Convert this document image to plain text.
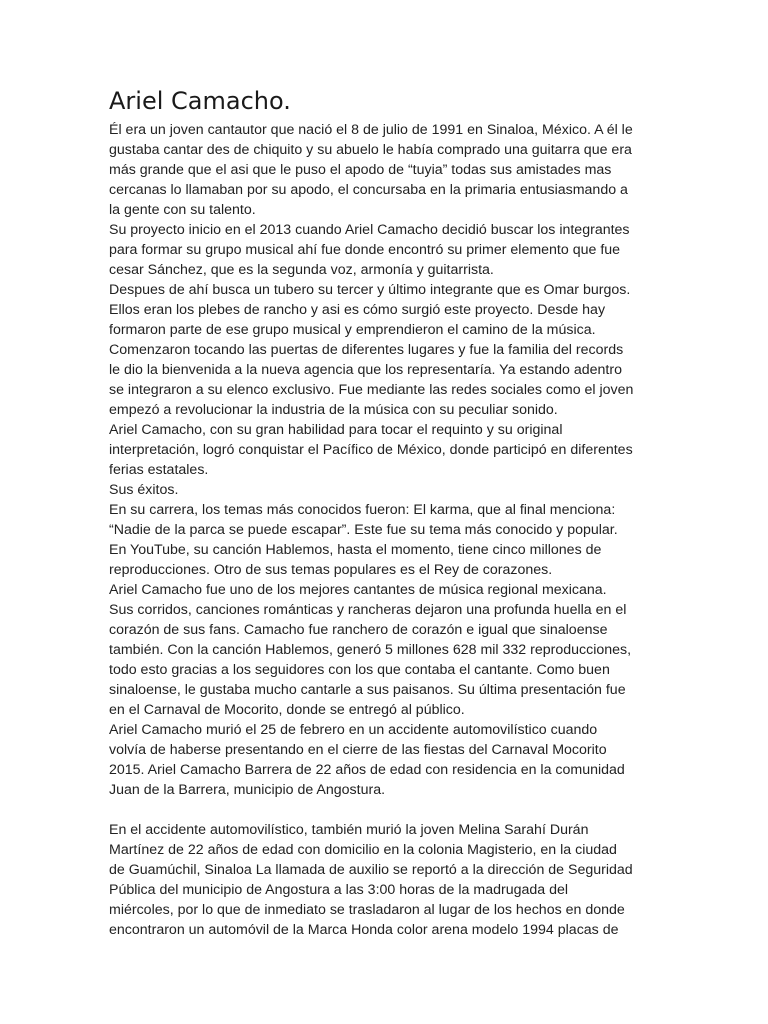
Ariel Camacho.
Él era un joven cantautor que nació el 8 de julio de 1991 en Sinaloa, México. A él le
gustaba cantar des de chiquito y su abuelo le había comprado una guitarra que era
más grande que el asi que le puso el apodo de “tuyia” todas sus amistades mas
cercanas lo llamaban por su apodo, el concursaba en la primaria entusiasmando a
la gente con su talento.
Su proyecto inicio en el 2013 cuando Ariel Camacho decidió buscar los integrantes
para formar su grupo musical ahí fue donde encontró su primer elemento que fue
cesar Sánchez, que es la segunda voz, armonía y guitarrista.
Despues de ahí busca un tubero su tercer y último integrante que es Omar burgos.
Ellos eran los plebes de rancho y asi es cómo surgió este proyecto. Desde hay
formaron parte de ese grupo musical y emprendieron el camino de la música.
Comenzaron tocando las puertas de diferentes lugares y fue la familia del records
le dio la bienvenida a la nueva agencia que los representaría. Ya estando adentro
se integraron a su elenco exclusivo. Fue mediante las redes sociales como el joven
empezó a revolucionar la industria de la música con su peculiar sonido.
Ariel Camacho, con su gran habilidad para tocar el requinto y su original
interpretación, logró conquistar el Pacífico de México, donde participó en diferentes
ferias estatales.
Sus éxitos.
En su carrera, los temas más conocidos fueron: El karma, que al final menciona:
“Nadie de la parca se puede escapar”. Este fue su tema más conocido y popular.
En YouTube, su canción Hablemos, hasta el momento, tiene cinco millones de
reproducciones. Otro de sus temas populares es el Rey de corazones.
Ariel Camacho fue uno de los mejores cantantes de música regional mexicana.
Sus corridos, canciones románticas y rancheras dejaron una profunda huella en el
corazón de sus fans. Camacho fue ranchero de corazón e igual que sinaloense
también. Con la canción Hablemos, generó 5 millones 628 mil 332 reproducciones,
todo esto gracias a los seguidores con los que contaba el cantante. Como buen
sinaloense, le gustaba mucho cantarle a sus paisanos. Su última presentación fue
en el Carnaval de Mocorito, donde se entregó al público.
Ariel Camacho murió el 25 de febrero en un accidente automovilístico cuando
volvía de haberse presentando en el cierre de las fiestas del Carnaval Mocorito
2015. Ariel Camacho Barrera de 22 años de edad con residencia en la comunidad
Juan de la Barrera, municipio de Angostura.
En el accidente automovilístico, también murió la joven Melina Sarahí Durán
Martínez de 22 años de edad con domicilio en la colonia Magisterio, en la ciudad
de Guamúchil, Sinaloa La llamada de auxilio se reportó a la dirección de Seguridad
Pública del municipio de Angostura a las 3:00 horas de la madrugada del
miércoles, por lo que de inmediato se trasladaron al lugar de los hechos en donde
encontraron un automóvil de la Marca Honda color arena modelo 1994 placas de
